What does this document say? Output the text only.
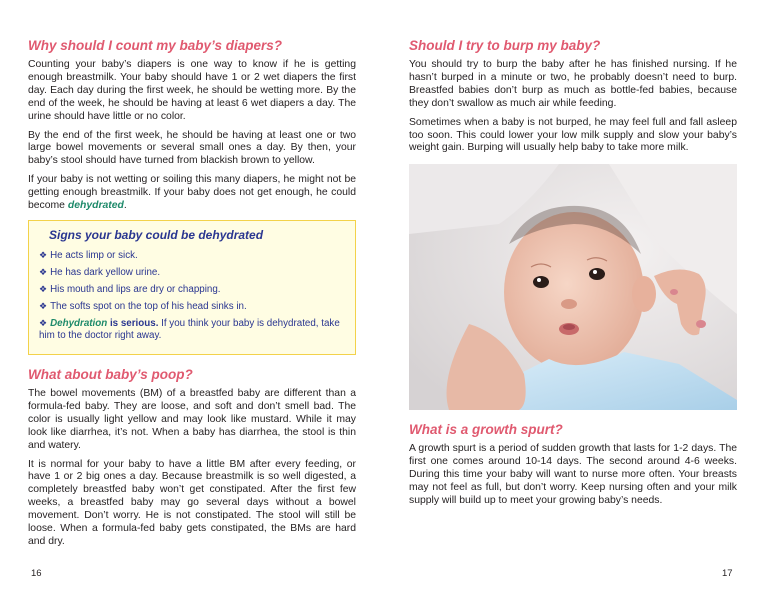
Why should I count my baby’s diapers?

Counting your baby’s diapers is one way to know if he is getting enough breastmilk. Your baby should have 1 or 2 wet diapers the first day. Each day during the first week, he should be wetting more. By the end of the week, he should be having at least 6 wet diapers a day. The urine should have little or no color.

By the end of the first week, he should be having at least one or two large bowel movements or several small ones a day. By then, your baby’s stool should have turned from blackish brown to yellow.

If your baby is not wetting or soiling this many diapers, he might not be getting enough breastmilk. If your baby does not get enough, he could become dehydrated.

Signs your baby could be dehydrated
❖ He acts limp or sick.
❖ He has dark yellow urine.
❖ His mouth and lips are dry or chapping.
❖ The softs spot on the top of his head sinks in.
❖ Dehydration is serious. If you think your baby is dehydrated, take him to the doctor right away.
What about baby’s poop?

The bowel movements (BM) of a breastfed baby are different than a formula-fed baby. They are loose, and soft and don’t smell bad. The color is usually light yellow and may look like mustard. While it may look like diarrhea, it’s not. When a baby has diarrhea, the stool is thin and watery.

It is normal for your baby to have a little BM after every feeding, or have 1 or 2 big ones a day. Because breastmilk is so well digested, a completely breastfed baby won’t get constipated. After the first few weeks, a breastfed baby may go several days without a bowel movement. Don’t worry. He is not constipated. The stool will still be loose. When a formula-fed baby gets constipated, the BMs are hard and dry.

16
Should I try to burp my baby?

You should try to burp the baby after he has finished nursing. If he hasn’t burped in a minute or two, he probably doesn’t need to burp. Breastfed babies don’t burp as much as bottle-fed babies, because they don’t swallow as much air while feeding.

Sometimes when a baby is not burped, he may feel full and fall asleep too soon. This could lower your low milk supply and slow your baby’s weight gain. Burping will usually help baby to take more milk.

What is a growth spurt?

A growth spurt is a period of sudden growth that lasts for 1-2 days. The first one comes around 10-14 days. The second around 4-6 weeks. During this time your baby will want to nurse more often. Your breasts may not feel as full, but don’t worry. Keep nursing often and your milk supply will build up to meet your growing baby’s needs.

17
